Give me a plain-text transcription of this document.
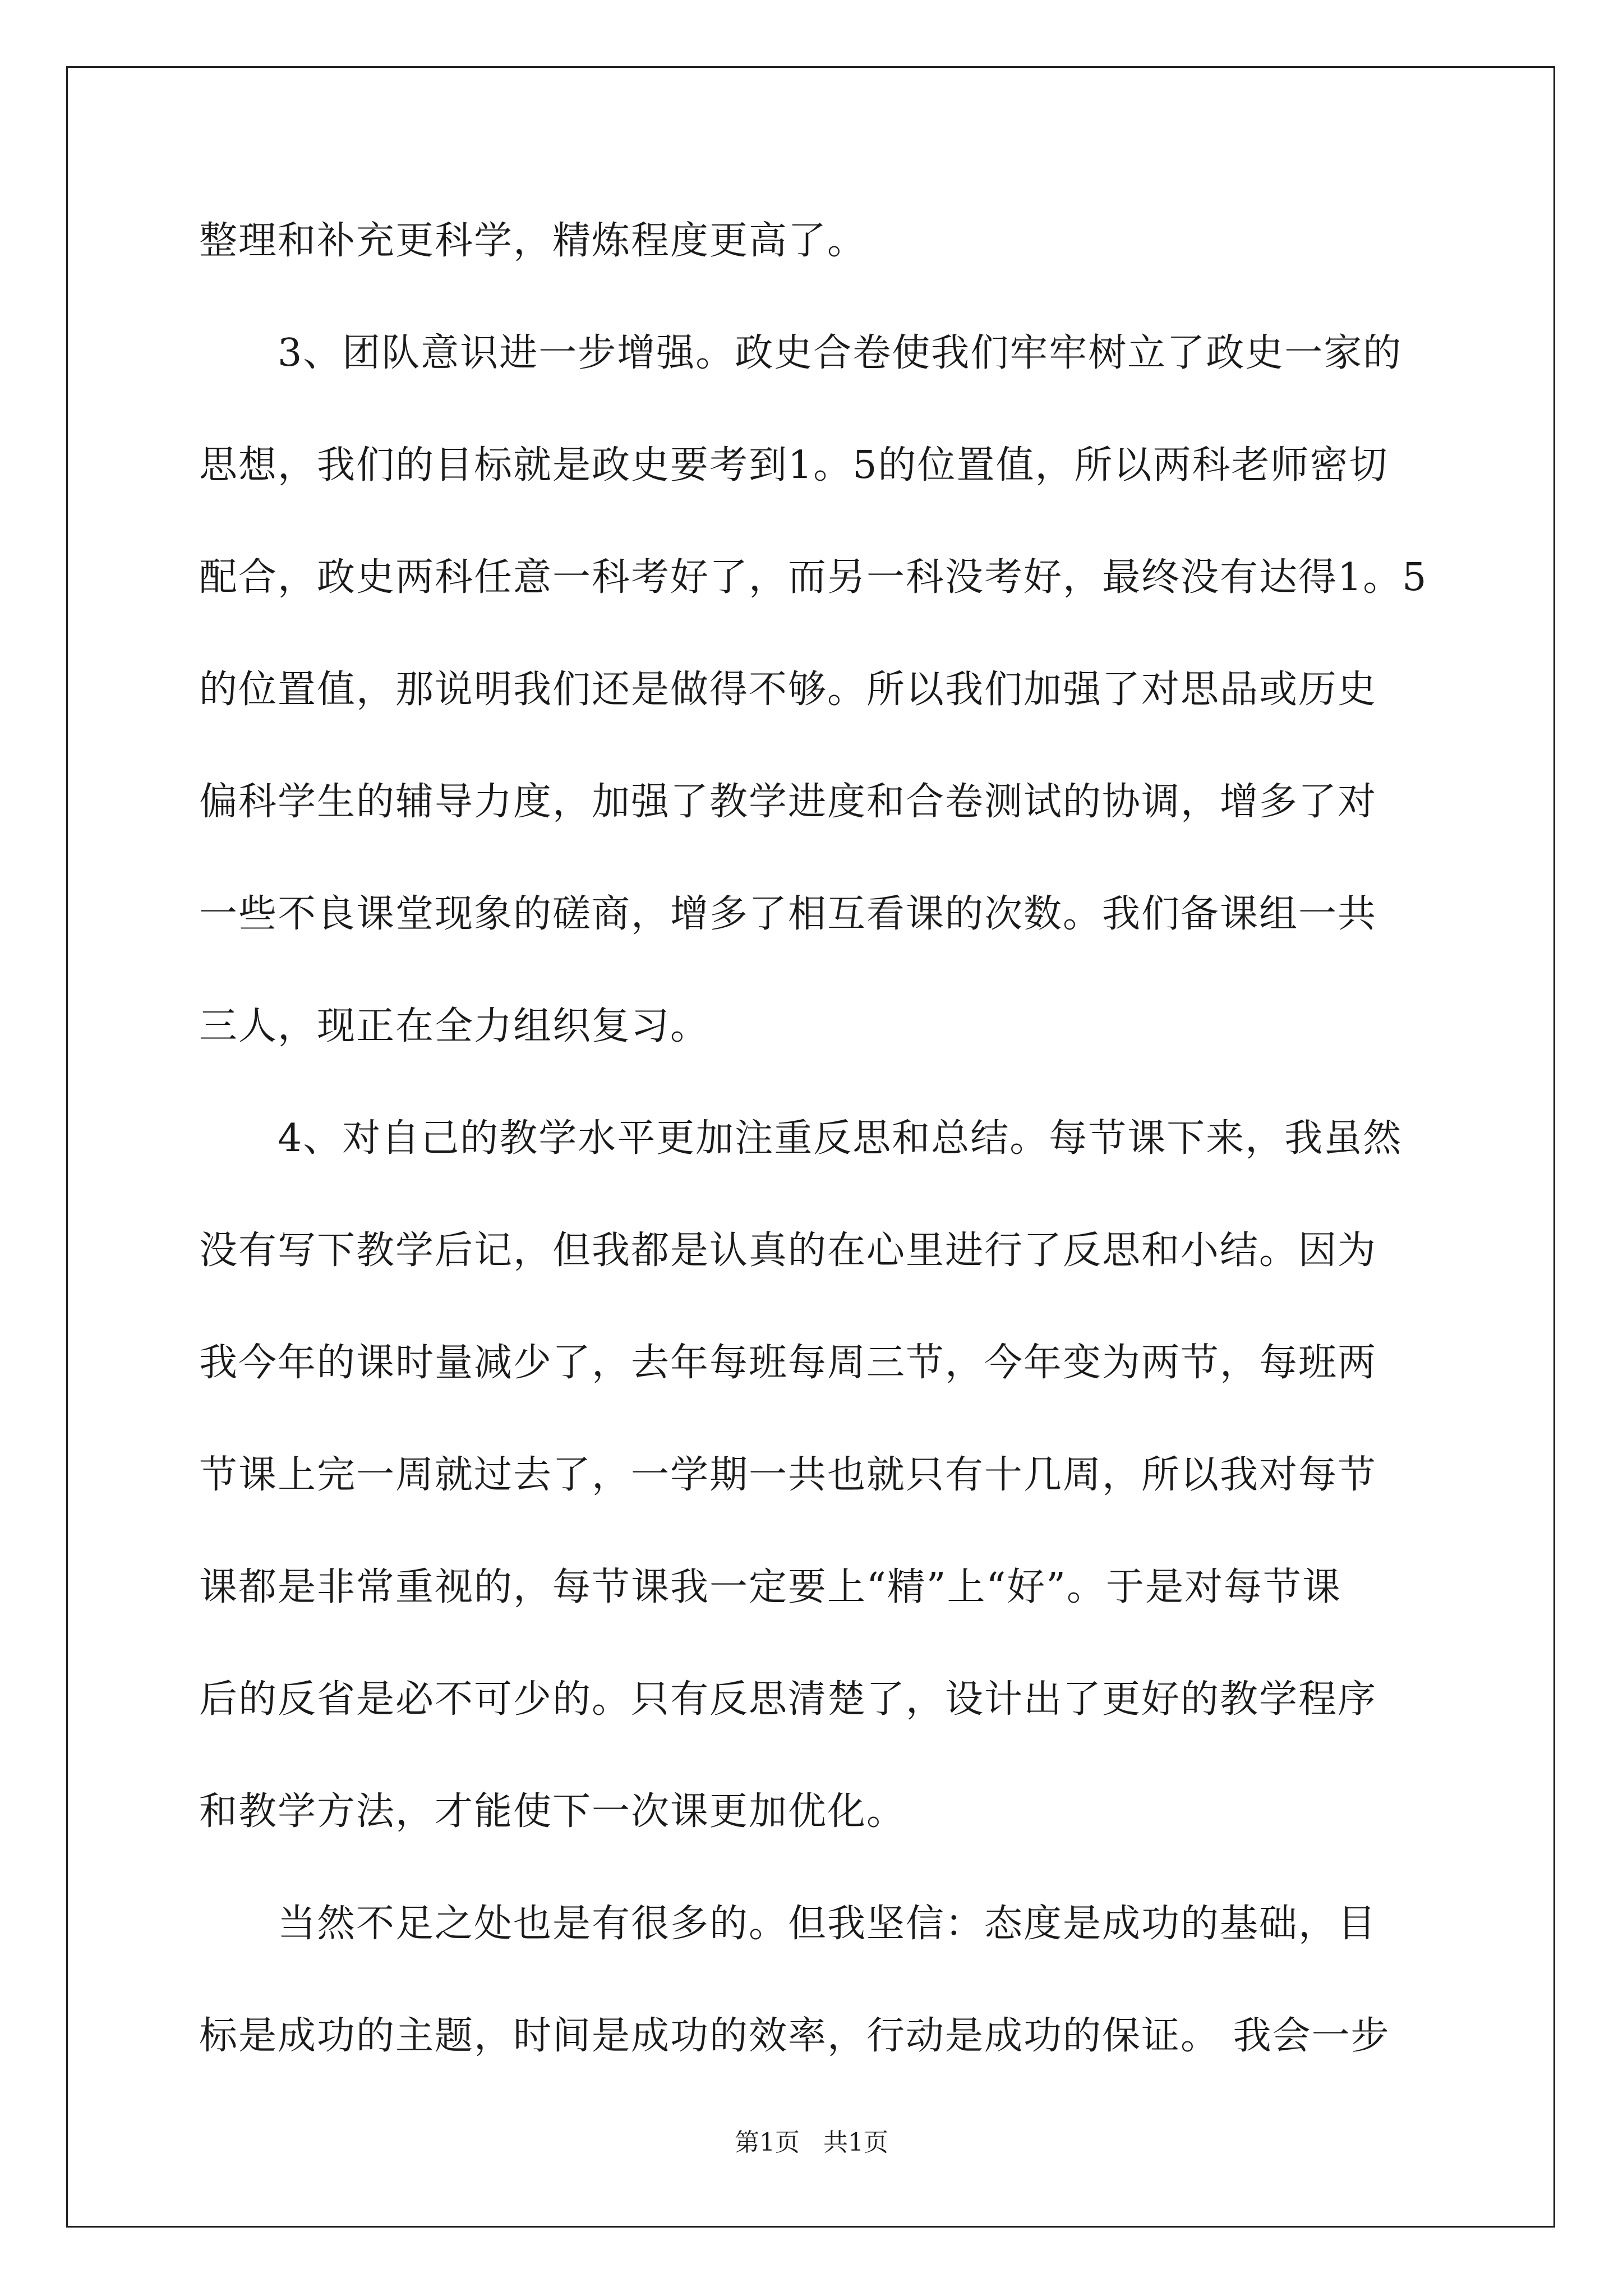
整理和补充更科学，精炼程度更高了。
3、团队意识进一步增强。政史合卷使我们牢牢树立了政史一家的
思想，我们的目标就是政史要考到1。5的位置值，所以两科老师密切
配合，政史两科任意一科考好了，而另一科没考好，最终没有达得1。5
的位置值，那说明我们还是做得不够。所以我们加强了对思品或历史
偏科学生的辅导力度，加强了教学进度和合卷测试的协调，增多了对
一些不良课堂现象的磋商，增多了相互看课的次数。我们备课组一共
三人，现正在全力组织复习。
4、对自己的教学水平更加注重反思和总结。每节课下来，我虽然
没有写下教学后记，但我都是认真的在心里进行了反思和小结。因为
我今年的课时量减少了，去年每班每周三节，今年变为两节，每班两
节课上完一周就过去了，一学期一共也就只有十几周，所以我对每节
课都是非常重视的，每节课我一定要上“精”上“好”。于是对每节课
后的反省是必不可少的。只有反思清楚了，设计出了更好的教学程序
和教学方法，才能使下一次课更加优化。
当然不足之处也是有很多的。但我坚信：态度是成功的基础，目
标是成功的主题，时间是成功的效率，行动是成功的保证。 我会一步
第1页   共1页
